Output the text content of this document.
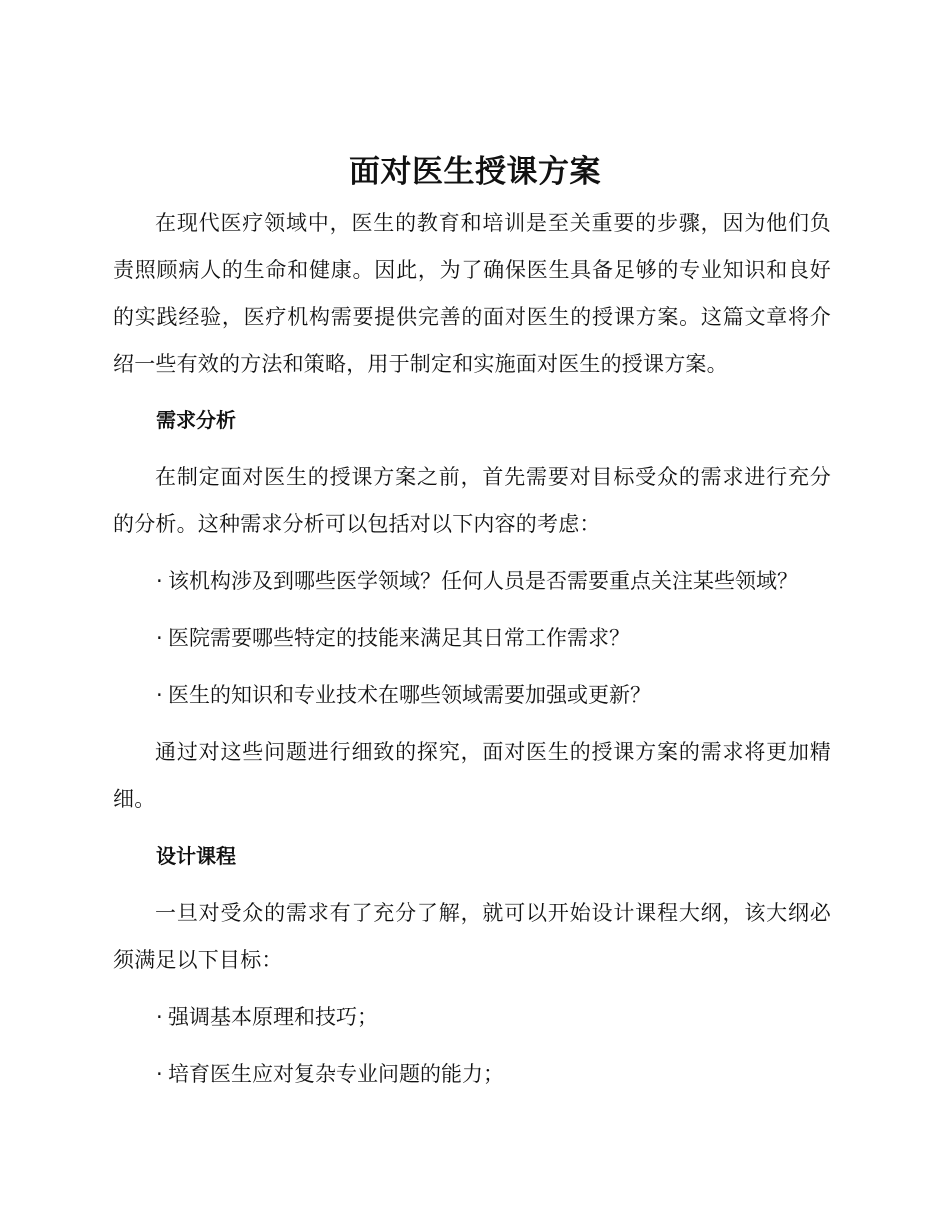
面对医生授课方案

在现代医疗领域中，医生的教育和培训是至关重要的步骤，因为他们负责照顾病人的生命和健康。因此，为了确保医生具备足够的专业知识和良好的实践经验，医疗机构需要提供完善的面对医生的授课方案。这篇文章将介绍一些有效的方法和策略，用于制定和实施面对医生的授课方案。

需求分析

在制定面对医生的授课方案之前，首先需要对目标受众的需求进行充分的分析。这种需求分析可以包括对以下内容的考虑：

· 该机构涉及到哪些医学领域？任何人员是否需要重点关注某些领域？

· 医院需要哪些特定的技能来满足其日常工作需求？

· 医生的知识和专业技术在哪些领域需要加强或更新？

通过对这些问题进行细致的探究，面对医生的授课方案的需求将更加精细。

设计课程

一旦对受众的需求有了充分了解，就可以开始设计课程大纲，该大纲必须满足以下目标：

· 强调基本原理和技巧；

· 培育医生应对复杂专业问题的能力；
